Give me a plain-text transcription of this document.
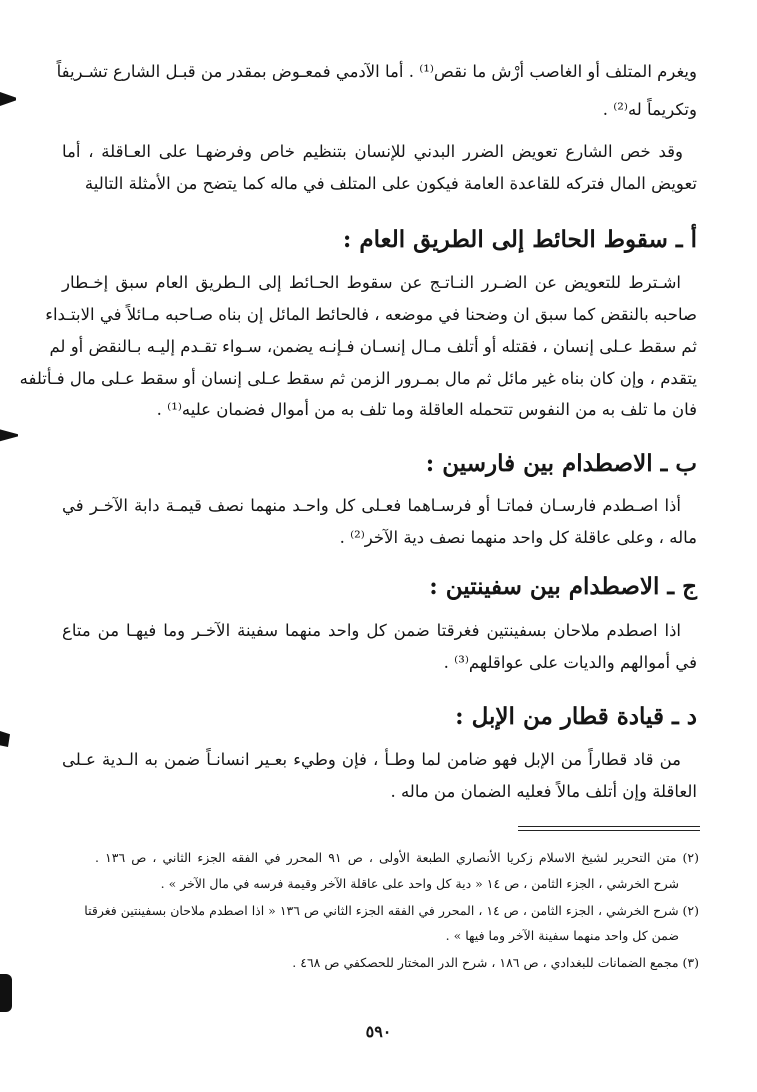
ويغرم المتلف أو الغاصب أرْش ما نقص⁽¹⁾ . أما الآدمي فمعـوض بمقدر من قبـل الشارع تشـريفاً
وتكريماً له⁽²⁾ .
وقد خص الشارع تعويض الضرر البدني للإنسان بتنظيم خاص وفرضهـا على العـاقلة ، أما
تعويض المال فتركه للقاعدة العامة فيكون على المتلف في ماله كما يتضح من الأمثلة التالية
أ ـ سقوط الحائط إلى الطريق العام :
اشـترط للتعويض عن الضـرر النـاتـج عن سقوط الحـائط إلى الـطريق العام سبق إخـطار
صاحبه بالنقض كما سبق ان وضحنا في موضعه ، فالحائط المائل إن بناه صـاحبه مـائلاً في الابتـداء
ثم سقط عـلى إنسان ، فقتله أو أتلف مـال إنسـان فـإنـه يضمن، سـواء تقـدم إليـه بـالنقض أو لم
يتقدم ، وإن كان بناه غير مائل ثم مال بمـرور الزمن ثم سقط عـلى إنسان أو سقط عـلى مال فـأتلفه
فان ما تلف به من النفوس تتحمله العاقلة وما تلف به من أموال فضمان عليه⁽¹⁾ .
ب ـ الاصطدام بين فارسين :
أذا اصـطدم فارسـان فماتـا أو فرسـاهما فعـلى كل واحـد منهما نصف قيمـة دابة الآخـر في
ماله ، وعلى عاقلة كل واحد منهما نصف دية الآخر⁽²⁾ .
ج ـ الاصطدام بين سفينتين :
اذا اصطدم ملاحان بسفينتين فغرقتا ضمن كل واحد منهما سفينة الآخـر وما فيهـا من متاع
في أموالهم والديات على عواقلهم⁽³⁾ .
د ـ قيادة قطار من الإبل :
من قاد قطاراً من الإبل فهو ضامن لما وطـأ ، فإن وطيء بعـير انسانـاً ضمن به الـدية عـلى
العاقلة وإن أتلف مالاً فعليه الضمان من ماله .
(٢) متن التحرير لشيخ الاسلام زكريا الأنصاري الطبعة الأولى ، ص ٩١ المحرر في الفقه الجزء الثاني ، ص ١٣٦ .
شرح الخرشي ، الجزء الثامن ، ص ١٤ « دية كل واحد على عاقلة الآخر وقيمة فرسه في مال الآخر » .
(٢) شرح الخرشي ، الجزء الثامن ، ص ١٤ ، المحرر في الفقه الجزء الثاني ص ١٣٦ « اذا اصطدم ملاحان بسفينتين فغرقتا
ضمن كل واحد منهما سفينة الآخر وما فيها » .
(٣) مجمع الضمانات للبغدادي ، ص ١٨٦ ، شرح الدر المختار للحصكفي ص ٤٦٨ .
٥٩٠
